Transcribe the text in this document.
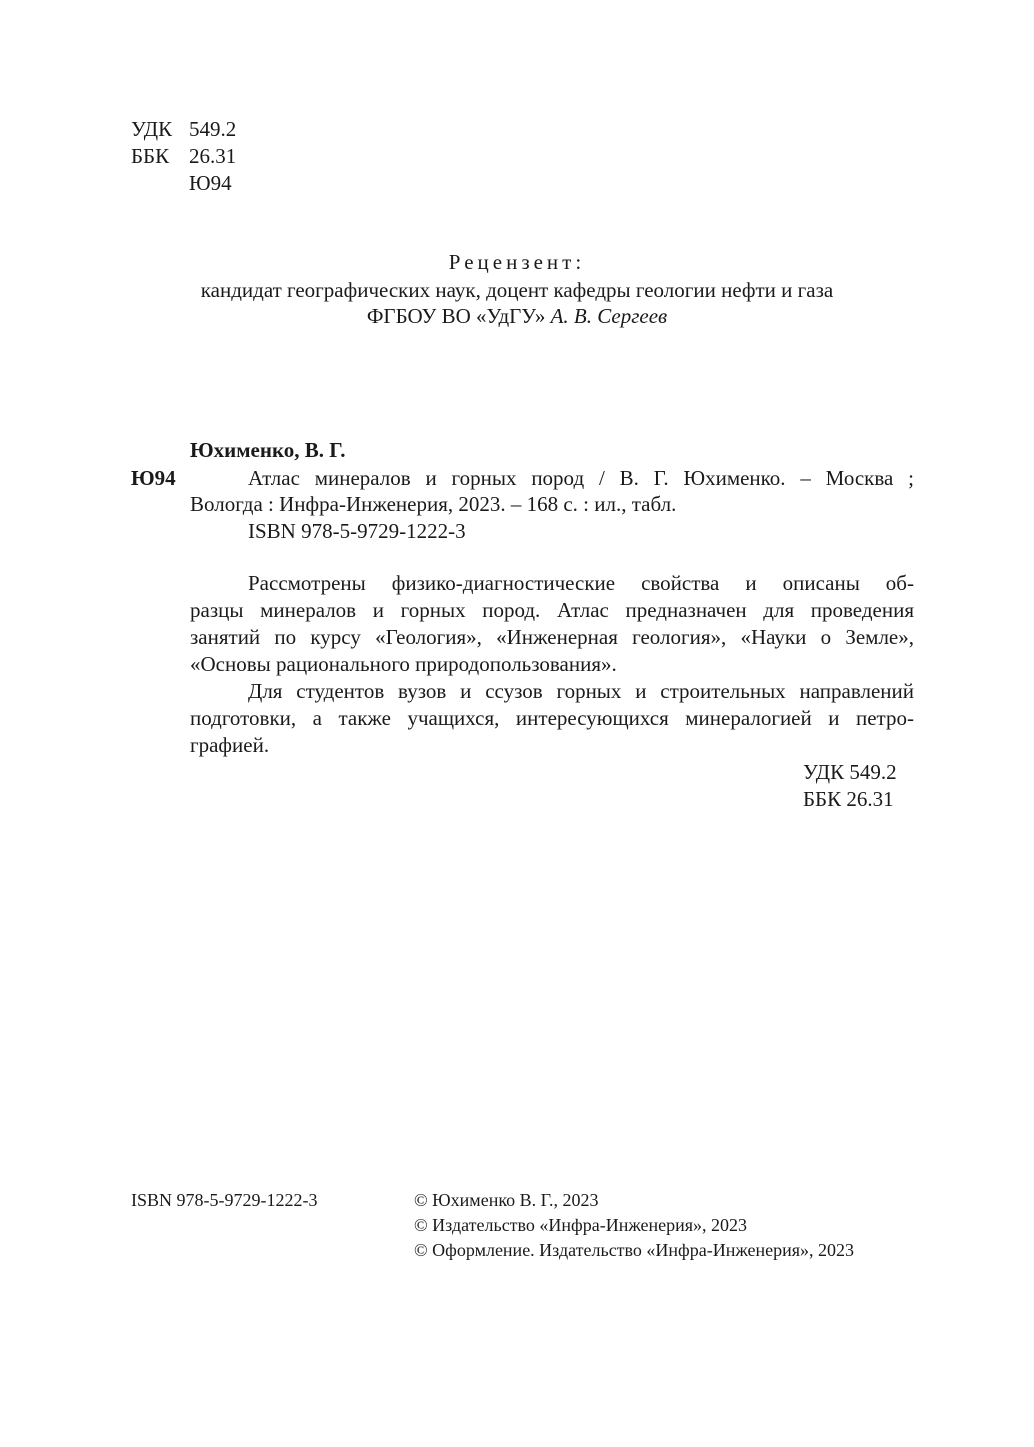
УДК 549.2
ББК 26.31
Ю94
Рецензент:
кандидат географических наук, доцент кафедры геологии нефти и газа
ФГБОУ ВО «УдГУ» А. В. Сергеев
Юхименко, В. Г.
Ю94	Атлас минералов и горных пород / В. Г. Юхименко. – Москва ;
Вологда : Инфра-Инженерия, 2023. – 168 с. : ил., табл.
ISBN 978-5-9729-1222-3
Рассмотрены физико-диагностические свойства и описаны об-
разцы минералов и горных пород. Атлас предназначен для проведения
занятий по курсу «Геология», «Инженерная геология», «Науки о Земле»,
«Основы рационального природопользования».
Для студентов вузов и ссузов горных и строительных направлений
подготовки, а также учащихся, интересующихся минералогией и петро-
графией.
УДК 549.2
ББК 26.31
ISBN 978-5-9729-1222-3	© Юхименко В. Г., 2023
© Издательство «Инфра-Инженерия», 2023
© Оформление. Издательство «Инфра-Инженерия», 2023
